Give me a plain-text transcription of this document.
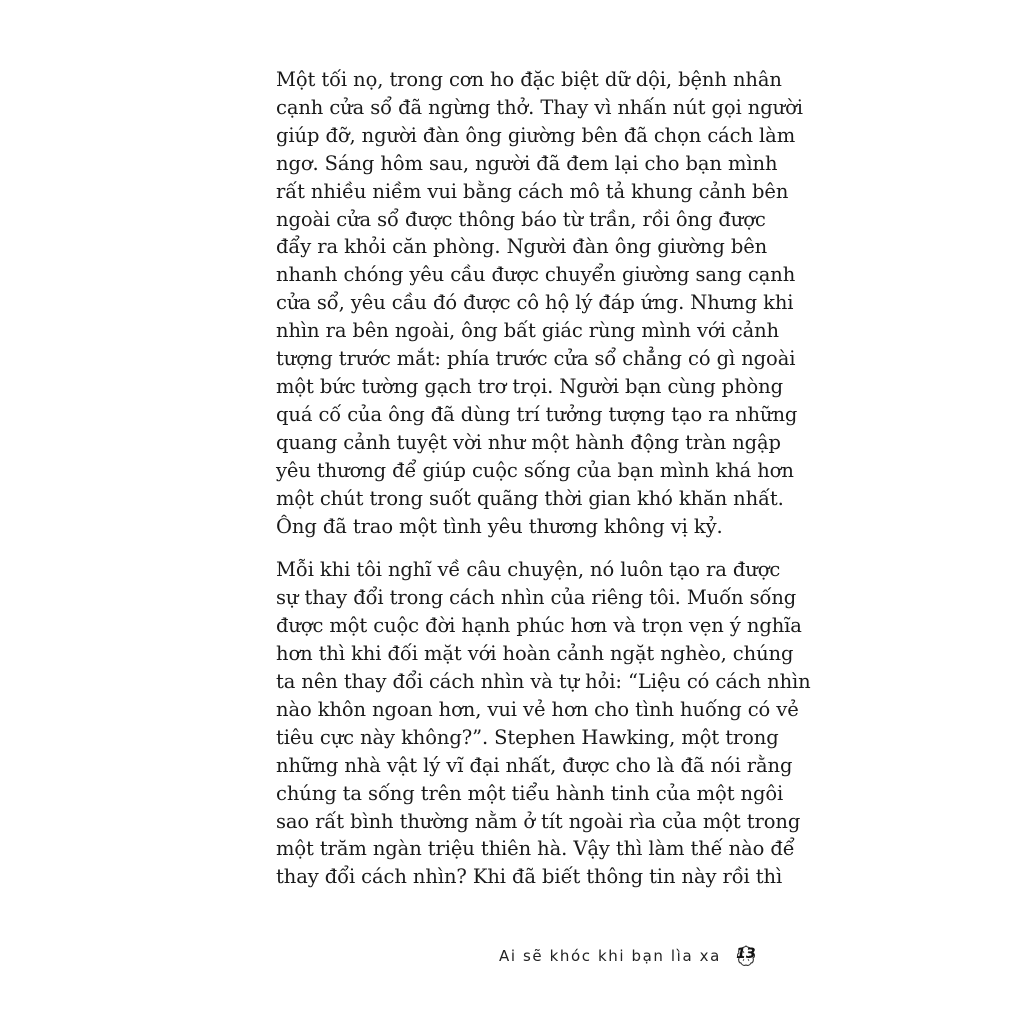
Một tối nọ, trong cơn ho đặc biệt dữ dội, bệnh nhân
cạnh cửa sổ đã ngừng thở. Thay vì nhấn nút gọi người
giúp đỡ, người đàn ông giường bên đã chọn cách làm
ngơ. Sáng hôm sau, người đã đem lại cho bạn mình
rất nhiều niềm vui bằng cách mô tả khung cảnh bên
ngoài cửa sổ được thông báo từ trần, rồi ông được
đẩy ra khỏi căn phòng. Người đàn ông giường bên
nhanh chóng yêu cầu được chuyển giường sang cạnh
cửa sổ, yêu cầu đó được cô hộ lý đáp ứng. Nhưng khi
nhìn ra bên ngoài, ông bất giác rùng mình với cảnh
tượng trước mắt: phía trước cửa sổ chẳng có gì ngoài
một bức tường gạch trơ trọi. Người bạn cùng phòng
quá cố của ông đã dùng trí tưởng tượng tạo ra những
quang cảnh tuyệt vời như một hành động tràn ngập
yêu thương để giúp cuộc sống của bạn mình khá hơn
một chút trong suốt quãng thời gian khó khăn nhất.
Ông đã trao một tình yêu thương không vị kỷ.

Mỗi khi tôi nghĩ về câu chuyện, nó luôn tạo ra được
sự thay đổi trong cách nhìn của riêng tôi. Muốn sống
được một cuộc đời hạnh phúc hơn và trọn vẹn ý nghĩa
hơn thì khi đối mặt với hoàn cảnh ngặt nghèo, chúng
ta nên thay đổi cách nhìn và tự hỏi: “Liệu có cách nhìn
nào khôn ngoan hơn, vui vẻ hơn cho tình huống có vẻ
tiêu cực này không?”. Stephen Hawking, một trong
những nhà vật lý vĩ đại nhất, được cho là đã nói rằng
chúng ta sống trên một tiểu hành tinh của một ngôi
sao rất bình thường nằm ở tít ngoài rìa của một trong
một trăm ngàn triệu thiên hà. Vậy thì làm thế nào để
thay đổi cách nhìn? Khi đã biết thông tin này rồi thì

Ai sẽ khóc khi bạn lìa xa 13
